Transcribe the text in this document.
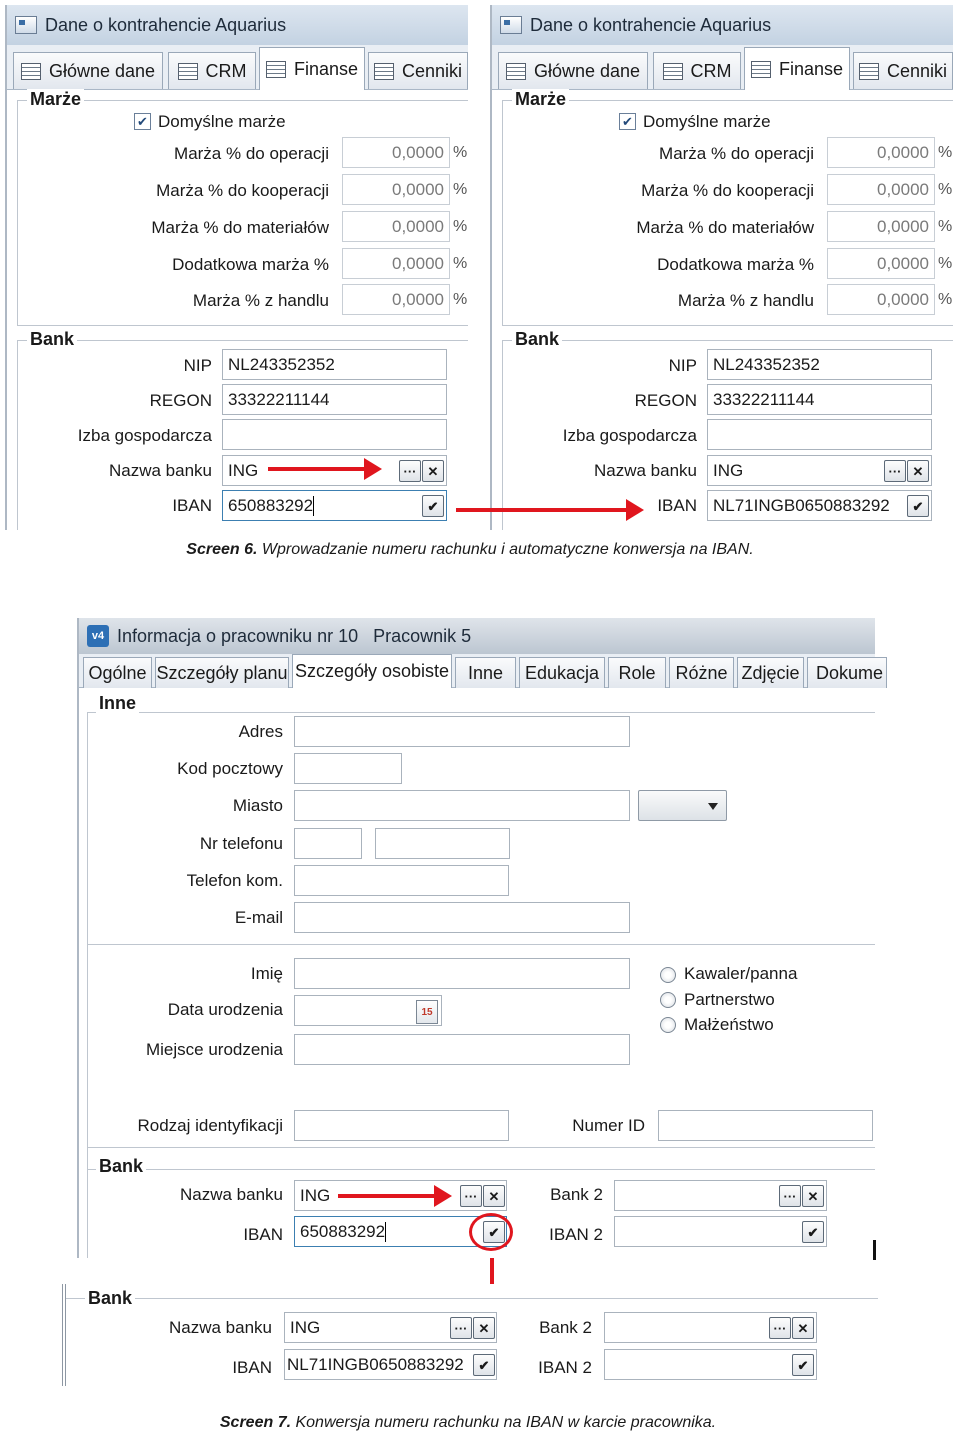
Dane o kontrahencie Aquarius
Główne dane	CRM	Finanse Cenniki
Marże
✔ Domyślne marże
Marża % do operacji	0,0000 %
Marża % do kooperacji	0,0000 %
Marża % do materiałów	0,0000 %
Dodatkowa marża %	0,0000 %
Marża % z handlu	0,0000 %
Bank
NIP NL243352352
REGON 33322211144
Izba gospodarcza
Nazwa banku ING	··· ✕
IBAN 650883292	✔
Dane o kontrahencie Aquarius
Główne dane	CRM	Finanse Cenniki
Marże
✔ Domyślne marże
Marża % do operacji	0,0000 %
Marża % do kooperacji	0,0000 %
Marża % do materiałów	0,0000 %
Dodatkowa marża %	0,0000 %
Marża % z handlu	0,0000 %
Bank
NIP NL243352352
REGON 33322211144
Izba gospodarcza
Nazwa banku ING	··· ✕
IBAN NL71INGB0650883292	✔
Screen 6. Wprowadzanie numeru rachunku i automatyczne konwersja na IBAN.
v4 Informacja o pracowniku nr 10   Pracownik 5
Ogólne Szczegóły planu Szczegóły osobiste Inne Edukacja Role Różne Zdjęcie Dokume
Inne
Adres
Kod pocztowy
Miasto
Nr telefonu
Telefon kom.
E-mail
Imię
Data urodzenia	15
Miejsce urodzenia
Kawaler/panna
Partnerstwo
Małżeństwo
Rodzaj identyfikacji	Numer ID
Bank
Nazwa banku	ING	··· ✕
IBAN 650883292	✔
Bank 2	··· ✕
IBAN 2	✔
Bank
Nazwa banku	ING	··· ✕
IBAN NL71INGB0650883292	✔
Bank 2	··· ✕
IBAN 2	✔
Screen 7. Konwersja numeru rachunku na IBAN w karcie pracownika.
